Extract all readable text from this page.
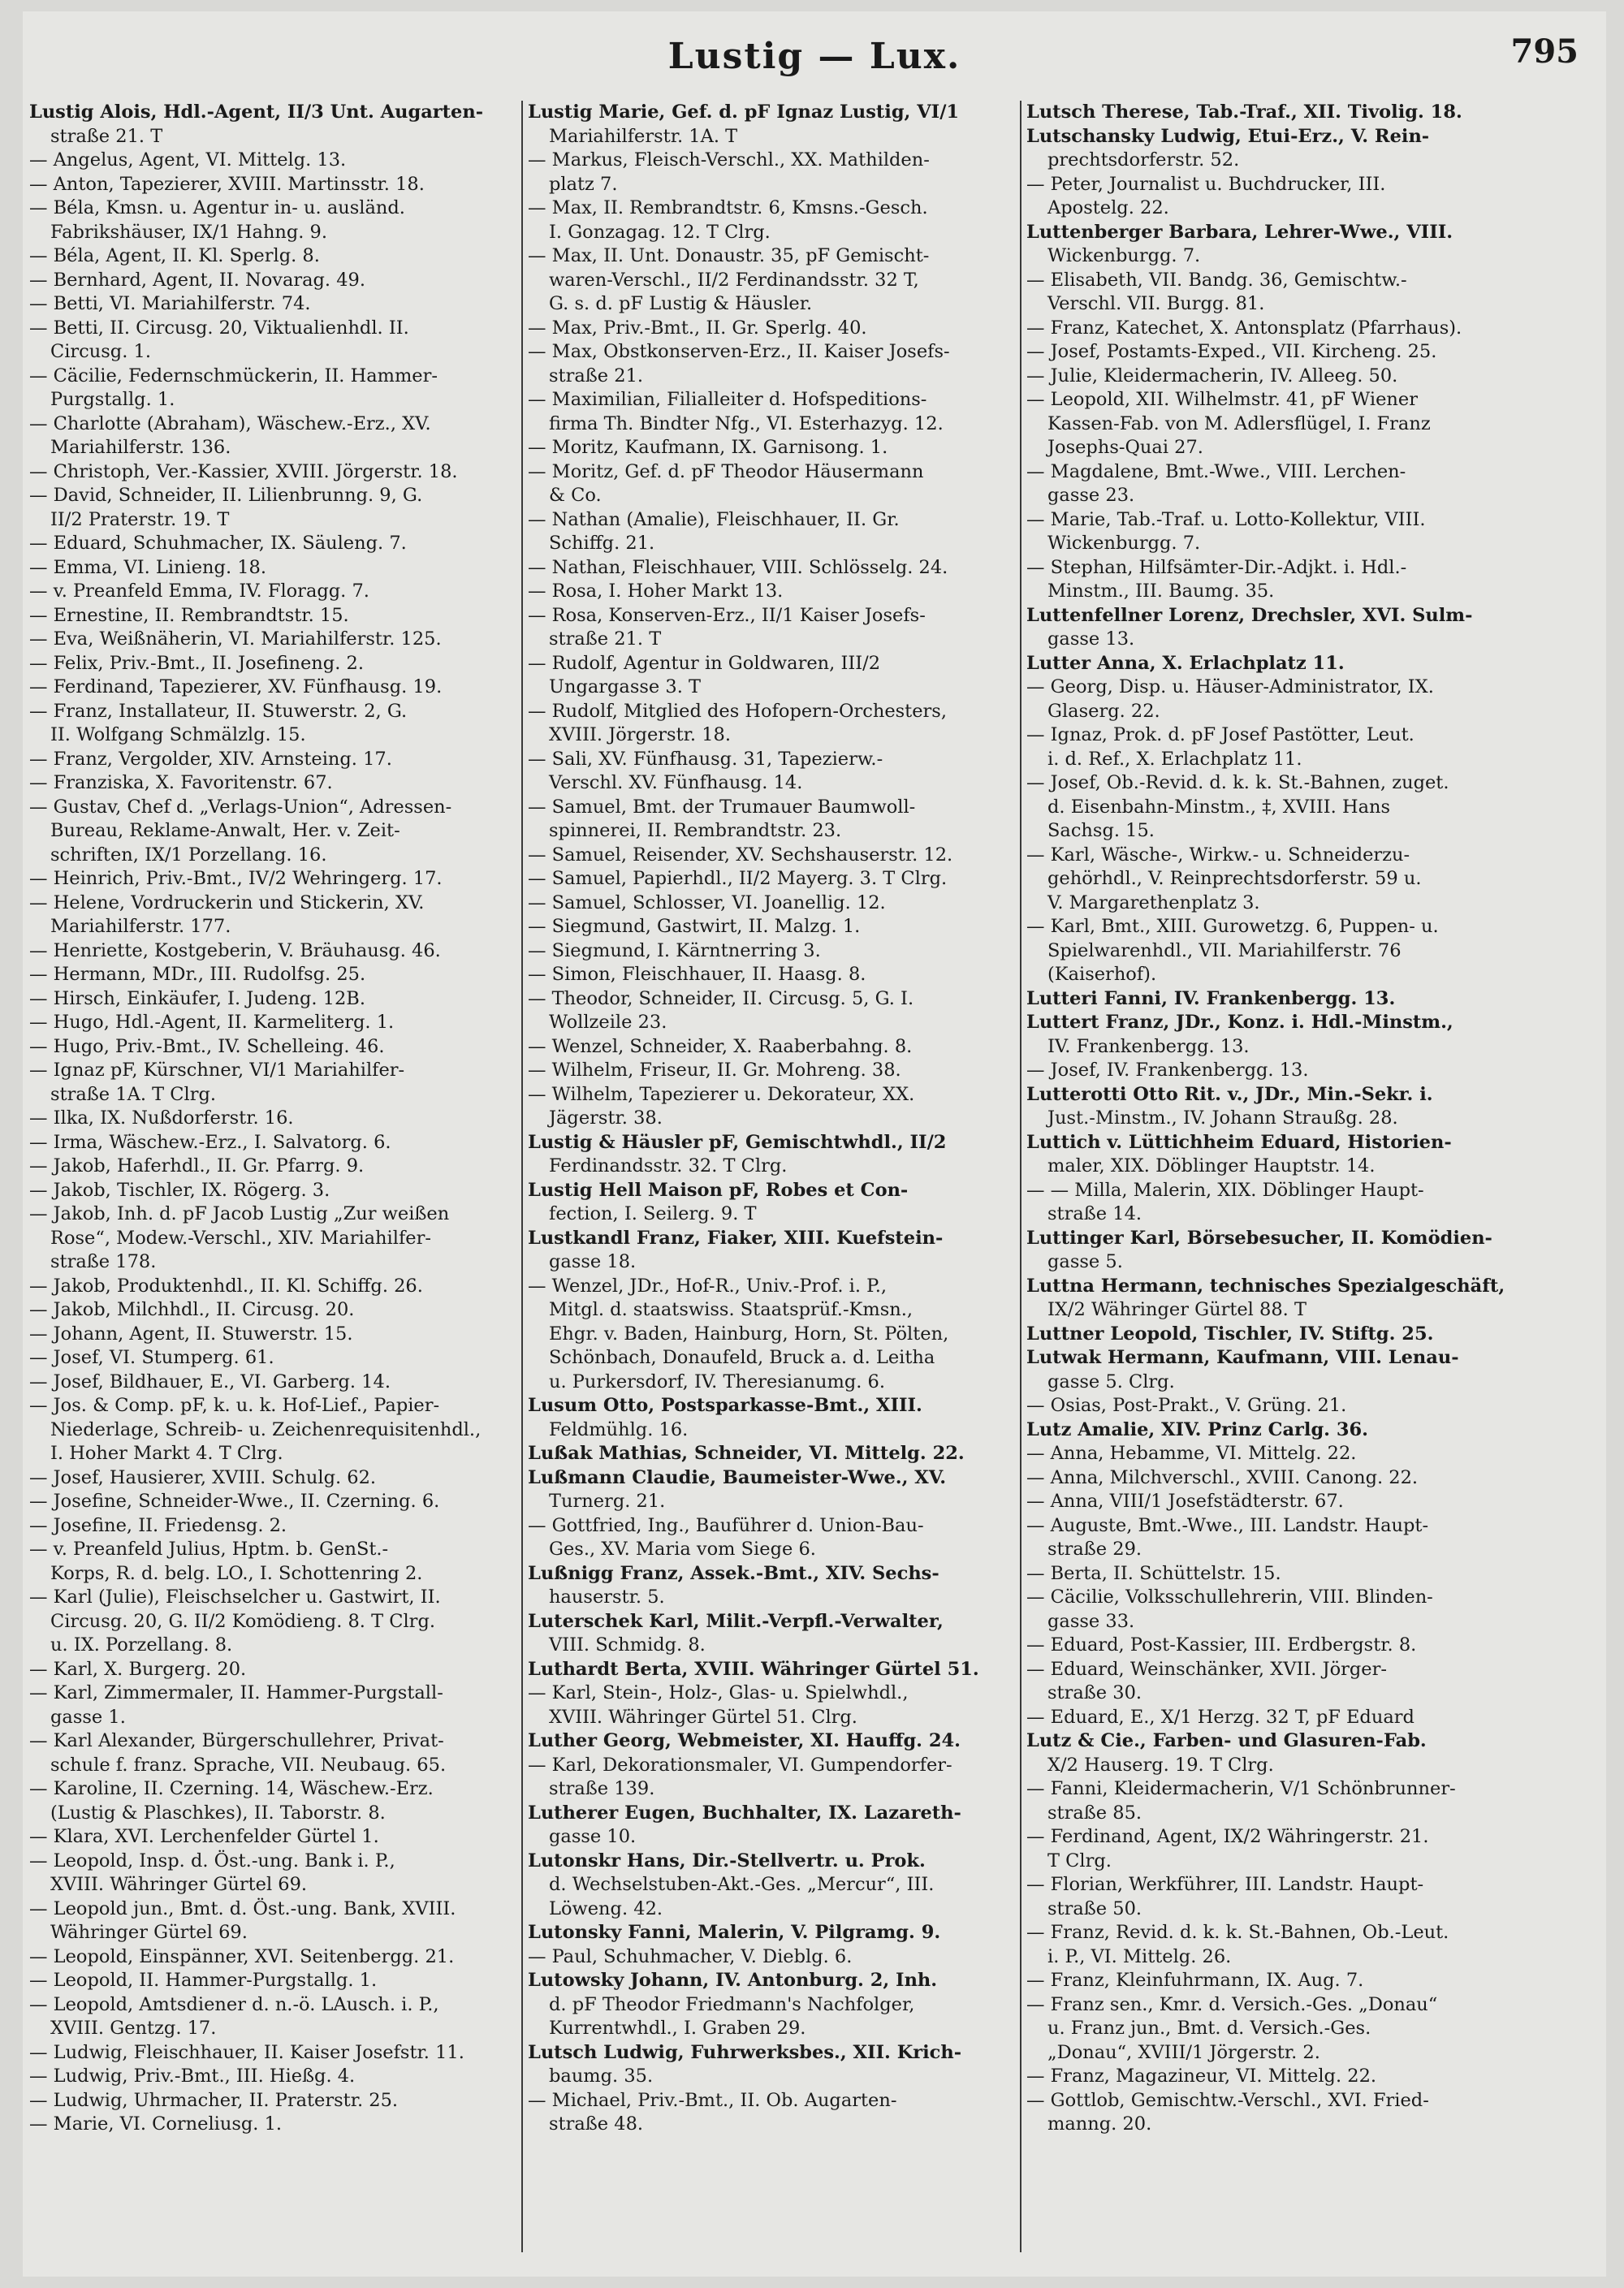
Lustig — Lux.	795
Lustig Alois, Hdl.-Agent, II/3 Unt. Augarten-
straße 21. T
— Angelus, Agent, VI. Mittelg. 13.
— Anton, Tapezierer, XVIII. Martinsstr. 18.
— Béla, Kmsn. u. Agentur in- u. ausländ.
Fabrikshäuser, IX/1 Hahng. 9.
— Béla, Agent, II. Kl. Sperlg. 8.
— Bernhard, Agent, II. Novarag. 49.
— Betti, VI. Mariahilferstr. 74.
— Betti, II. Circusg. 20, Viktualienhdl. II.
Circusg. 1.
— Cäcilie, Federnschmückerin, II. Hammer-
Purgstallg. 1.
— Charlotte (Abraham), Wäschew.-Erz., XV.
Mariahilferstr. 136.
— Christoph, Ver.-Kassier, XVIII. Jörgerstr. 18.
— David, Schneider, II. Lilienbrunng. 9, G.
II/2 Praterstr. 19. T
— Eduard, Schuhmacher, IX. Säuleng. 7.
— Emma, VI. Linieng. 18.
— v. Preanfeld Emma, IV. Floragg. 7.
— Ernestine, II. Rembrandtstr. 15.
— Eva, Weißnäherin, VI. Mariahilferstr. 125.
— Felix, Priv.-Bmt., II. Josefineng. 2.
— Ferdinand, Tapezierer, XV. Fünfhausg. 19.
— Franz, Installateur, II. Stuwerstr. 2, G.
II. Wolfgang Schmälzlg. 15.
— Franz, Vergolder, XIV. Arnsteing. 17.
— Franziska, X. Favoritenstr. 67.
— Gustav, Chef d. „Verlags-Union“, Adressen-
Bureau, Reklame-Anwalt, Her. v. Zeit-
schriften, IX/1 Porzellang. 16.
— Heinrich, Priv.-Bmt., IV/2 Wehringerg. 17.
— Helene, Vordruckerin und Stickerin, XV.
Mariahilferstr. 177.
— Henriette, Kostgeberin, V. Bräuhausg. 46.
— Hermann, MDr., III. Rudolfsg. 25.
— Hirsch, Einkäufer, I. Judeng. 12B.
— Hugo, Hdl.-Agent, II. Karmeliterg. 1.
— Hugo, Priv.-Bmt., IV. Schelleing. 46.
— Ignaz pF, Kürschner, VI/1 Mariahilfer-
straße 1A. T Clrg.
— Ilka, IX. Nußdorferstr. 16.
— Irma, Wäschew.-Erz., I. Salvatorg. 6.
— Jakob, Haferhdl., II. Gr. Pfarrg. 9.
— Jakob, Tischler, IX. Rögerg. 3.
— Jakob, Inh. d. pF Jacob Lustig „Zur weißen
Rose“, Modew.-Verschl., XIV. Mariahilfer-
straße 178.
— Jakob, Produktenhdl., II. Kl. Schiffg. 26.
— Jakob, Milchhdl., II. Circusg. 20.
— Johann, Agent, II. Stuwerstr. 15.
— Josef, VI. Stumperg. 61.
— Josef, Bildhauer, E., VI. Garberg. 14.
— Jos. & Comp. pF, k. u. k. Hof-Lief., Papier-
Niederlage, Schreib- u. Zeichenrequisitenhdl.,
I. Hoher Markt 4. T Clrg.
— Josef, Hausierer, XVIII. Schulg. 62.
— Josefine, Schneider-Wwe., II. Czerning. 6.
— Josefine, II. Friedensg. 2.
— v. Preanfeld Julius, Hptm. b. GenSt.-
Korps, R. d. belg. LO., I. Schottenring 2.
— Karl (Julie), Fleischselcher u. Gastwirt, II.
Circusg. 20, G. II/2 Komödieng. 8. T Clrg.
u. IX. Porzellang. 8.
— Karl, X. Burgerg. 20.
— Karl, Zimmermaler, II. Hammer-Purgstall-
gasse 1.
— Karl Alexander, Bürgerschullehrer, Privat-
schule f. franz. Sprache, VII. Neubaug. 65.
— Karoline, II. Czerning. 14, Wäschew.-Erz.
(Lustig & Plaschkes), II. Taborstr. 8.
— Klara, XVI. Lerchenfelder Gürtel 1.
— Leopold, Insp. d. Öst.-ung. Bank i. P.,
XVIII. Währinger Gürtel 69.
— Leopold jun., Bmt. d. Öst.-ung. Bank, XVIII.
Währinger Gürtel 69.
— Leopold, Einspänner, XVI. Seitenbergg. 21.
— Leopold, II. Hammer-Purgstallg. 1.
— Leopold, Amtsdiener d. n.-ö. LAusch. i. P.,
XVIII. Gentzg. 17.
— Ludwig, Fleischhauer, II. Kaiser Josefstr. 11.
— Ludwig, Priv.-Bmt., III. Hießg. 4.
— Ludwig, Uhrmacher, II. Praterstr. 25.
— Marie, VI. Corneliusg. 1.
Lustig Marie, Gef. d. pF Ignaz Lustig, VI/1
Mariahilferstr. 1A. T
— Markus, Fleisch-Verschl., XX. Mathilden-
platz 7.
— Max, II. Rembrandtstr. 6, Kmsns.-Gesch.
I. Gonzagag. 12. T Clrg.
— Max, II. Unt. Donaustr. 35, pF Gemischt-
waren-Verschl., II/2 Ferdinandsstr. 32 T,
G. s. d. pF Lustig & Häusler.
— Max, Priv.-Bmt., II. Gr. Sperlg. 40.
— Max, Obstkonserven-Erz., II. Kaiser Josefs-
straße 21.
— Maximilian, Filialleiter d. Hofspeditions-
firma Th. Bindter Nfg., VI. Esterhazyg. 12.
— Moritz, Kaufmann, IX. Garnisong. 1.
— Moritz, Gef. d. pF Theodor Häusermann
& Co.
— Nathan (Amalie), Fleischhauer, II. Gr.
Schiffg. 21.
— Nathan, Fleischhauer, VIII. Schlösselg. 24.
— Rosa, I. Hoher Markt 13.
— Rosa, Konserven-Erz., II/1 Kaiser Josefs-
straße 21. T
— Rudolf, Agentur in Goldwaren, III/2
Ungargasse 3. T
— Rudolf, Mitglied des Hofopern-Orchesters,
XVIII. Jörgerstr. 18.
— Sali, XV. Fünfhausg. 31, Tapezierw.-
Verschl. XV. Fünfhausg. 14.
— Samuel, Bmt. der Trumauer Baumwoll-
spinnerei, II. Rembrandtstr. 23.
— Samuel, Reisender, XV. Sechshauserstr. 12.
— Samuel, Papierhdl., II/2 Mayerg. 3. T Clrg.
— Samuel, Schlosser, VI. Joanellig. 12.
— Siegmund, Gastwirt, II. Malzg. 1.
— Siegmund, I. Kärntnerring 3.
— Simon, Fleischhauer, II. Haasg. 8.
— Theodor, Schneider, II. Circusg. 5, G. I.
Wollzeile 23.
— Wenzel, Schneider, X. Raaberbahng. 8.
— Wilhelm, Friseur, II. Gr. Mohreng. 38.
— Wilhelm, Tapezierer u. Dekorateur, XX.
Jägerstr. 38.
Lustig & Häusler pF, Gemischtwhdl., II/2
Ferdinandsstr. 32. T Clrg.
Lustig Hell Maison pF, Robes et Con-
fection, I. Seilerg. 9. T
Lustkandl Franz, Fiaker, XIII. Kuefstein-
gasse 18.
— Wenzel, JDr., Hof-R., Univ.-Prof. i. P.,
Mitgl. d. staatswiss. Staatsprüf.-Kmsn.,
Ehgr. v. Baden, Hainburg, Horn, St. Pölten,
Schönbach, Donaufeld, Bruck a. d. Leitha
u. Purkersdorf, IV. Theresianumg. 6.
Lusum Otto, Postsparkasse-Bmt., XIII.
Feldmühlg. 16.
Lußak Mathias, Schneider, VI. Mittelg. 22.
Lußmann Claudie, Baumeister-Wwe., XV.
Turnerg. 21.
— Gottfried, Ing., Bauführer d. Union-Bau-
Ges., XV. Maria vom Siege 6.
Lußnigg Franz, Assek.-Bmt., XIV. Sechs-
hauserstr. 5.
Luterschek Karl, Milit.-Verpfl.-Verwalter,
VIII. Schmidg. 8.
Luthardt Berta, XVIII. Währinger Gürtel 51.
— Karl, Stein-, Holz-, Glas- u. Spielwhdl.,
XVIII. Währinger Gürtel 51. Clrg.
Luther Georg, Webmeister, XI. Hauffg. 24.
— Karl, Dekorationsmaler, VI. Gumpendorfer-
straße 139.
Lutherer Eugen, Buchhalter, IX. Lazareth-
gasse 10.
Lutonskr Hans, Dir.-Stellvertr. u. Prok.
d. Wechselstuben-Akt.-Ges. „Mercur“, III.
Löweng. 42.
Lutonsky Fanni, Malerin, V. Pilgramg. 9.
— Paul, Schuhmacher, V. Dieblg. 6.
Lutowsky Johann, IV. Antonburg. 2, Inh.
d. pF Theodor Friedmann's Nachfolger,
Kurrentwhdl., I. Graben 29.
Lutsch Ludwig, Fuhrwerksbes., XII. Krich-
baumg. 35.
— Michael, Priv.-Bmt., II. Ob. Augarten-
straße 48.
Lutsch Therese, Tab.-Traf., XII. Tivolig. 18.
Lutschansky Ludwig, Etui-Erz., V. Rein-
prechtsdorferstr. 52.
— Peter, Journalist u. Buchdrucker, III.
Apostelg. 22.
Luttenberger Barbara, Lehrer-Wwe., VIII.
Wickenburgg. 7.
— Elisabeth, VII. Bandg. 36, Gemischtw.-
Verschl. VII. Burgg. 81.
— Franz, Katechet, X. Antonsplatz (Pfarrhaus).
— Josef, Postamts-Exped., VII. Kircheng. 25.
— Julie, Kleidermacherin, IV. Alleeg. 50.
— Leopold, XII. Wilhelmstr. 41, pF Wiener
Kassen-Fab. von M. Adlersflügel, I. Franz
Josephs-Quai 27.
— Magdalene, Bmt.-Wwe., VIII. Lerchen-
gasse 23.
— Marie, Tab.-Traf. u. Lotto-Kollektur, VIII.
Wickenburgg. 7.
— Stephan, Hilfsämter-Dir.-Adjkt. i. Hdl.-
Minstm., III. Baumg. 35.
Luttenfellner Lorenz, Drechsler, XVI. Sulm-
gasse 13.
Lutter Anna, X. Erlachplatz 11.
— Georg, Disp. u. Häuser-Administrator, IX.
Glaserg. 22.
— Ignaz, Prok. d. pF Josef Pastötter, Leut.
i. d. Ref., X. Erlachplatz 11.
— Josef, Ob.-Revid. d. k. k. St.-Bahnen, zuget.
d. Eisenbahn-Minstm., ‡, XVIII. Hans
Sachsg. 15.
— Karl, Wäsche-, Wirkw.- u. Schneiderzu-
gehörhdl., V. Reinprechtsdorferstr. 59 u.
V. Margarethenplatz 3.
— Karl, Bmt., XIII. Gurowetzg. 6, Puppen- u.
Spielwarenhdl., VII. Mariahilferstr. 76
(Kaiserhof).
Lutteri Fanni, IV. Frankenbergg. 13.
Luttert Franz, JDr., Konz. i. Hdl.-Minstm.,
IV. Frankenbergg. 13.
— Josef, IV. Frankenbergg. 13.
Lutterotti Otto Rit. v., JDr., Min.-Sekr. i.
Just.-Minstm., IV. Johann Straußg. 28.
Luttich v. Lüttichheim Eduard, Historien-
maler, XIX. Döblinger Hauptstr. 14.
— — Milla, Malerin, XIX. Döblinger Haupt-
straße 14.
Luttinger Karl, Börsebesucher, II. Komödien-
gasse 5.
Luttna Hermann, technisches Spezialgeschäft,
IX/2 Währinger Gürtel 88. T
Luttner Leopold, Tischler, IV. Stiftg. 25.
Lutwak Hermann, Kaufmann, VIII. Lenau-
gasse 5. Clrg.
— Osias, Post-Prakt., V. Grüng. 21.
Lutz Amalie, XIV. Prinz Carlg. 36.
— Anna, Hebamme, VI. Mittelg. 22.
— Anna, Milchverschl., XVIII. Canong. 22.
— Anna, VIII/1 Josefstädterstr. 67.
— Auguste, Bmt.-Wwe., III. Landstr. Haupt-
straße 29.
— Berta, II. Schüttelstr. 15.
— Cäcilie, Volksschullehrerin, VIII. Blinden-
gasse 33.
— Eduard, Post-Kassier, III. Erdbergstr. 8.
— Eduard, Weinschänker, XVII. Jörger-
straße 30.
— Eduard, E., X/1 Herzg. 32 T, pF Eduard
Lutz & Cie., Farben- und Glasuren-Fab.
X/2 Hauserg. 19. T Clrg.
— Fanni, Kleidermacherin, V/1 Schönbrunner-
straße 85.
— Ferdinand, Agent, IX/2 Währingerstr. 21.
T Clrg.
— Florian, Werkführer, III. Landstr. Haupt-
straße 50.
— Franz, Revid. d. k. k. St.-Bahnen, Ob.-Leut.
i. P., VI. Mittelg. 26.
— Franz, Kleinfuhrmann, IX. Aug. 7.
— Franz sen., Kmr. d. Versich.-Ges. „Donau“
u. Franz jun., Bmt. d. Versich.-Ges.
„Donau“, XVIII/1 Jörgerstr. 2.
— Franz, Magazineur, VI. Mittelg. 22.
— Gottlob, Gemischtw.-Verschl., XVI. Fried-
manng. 20.
